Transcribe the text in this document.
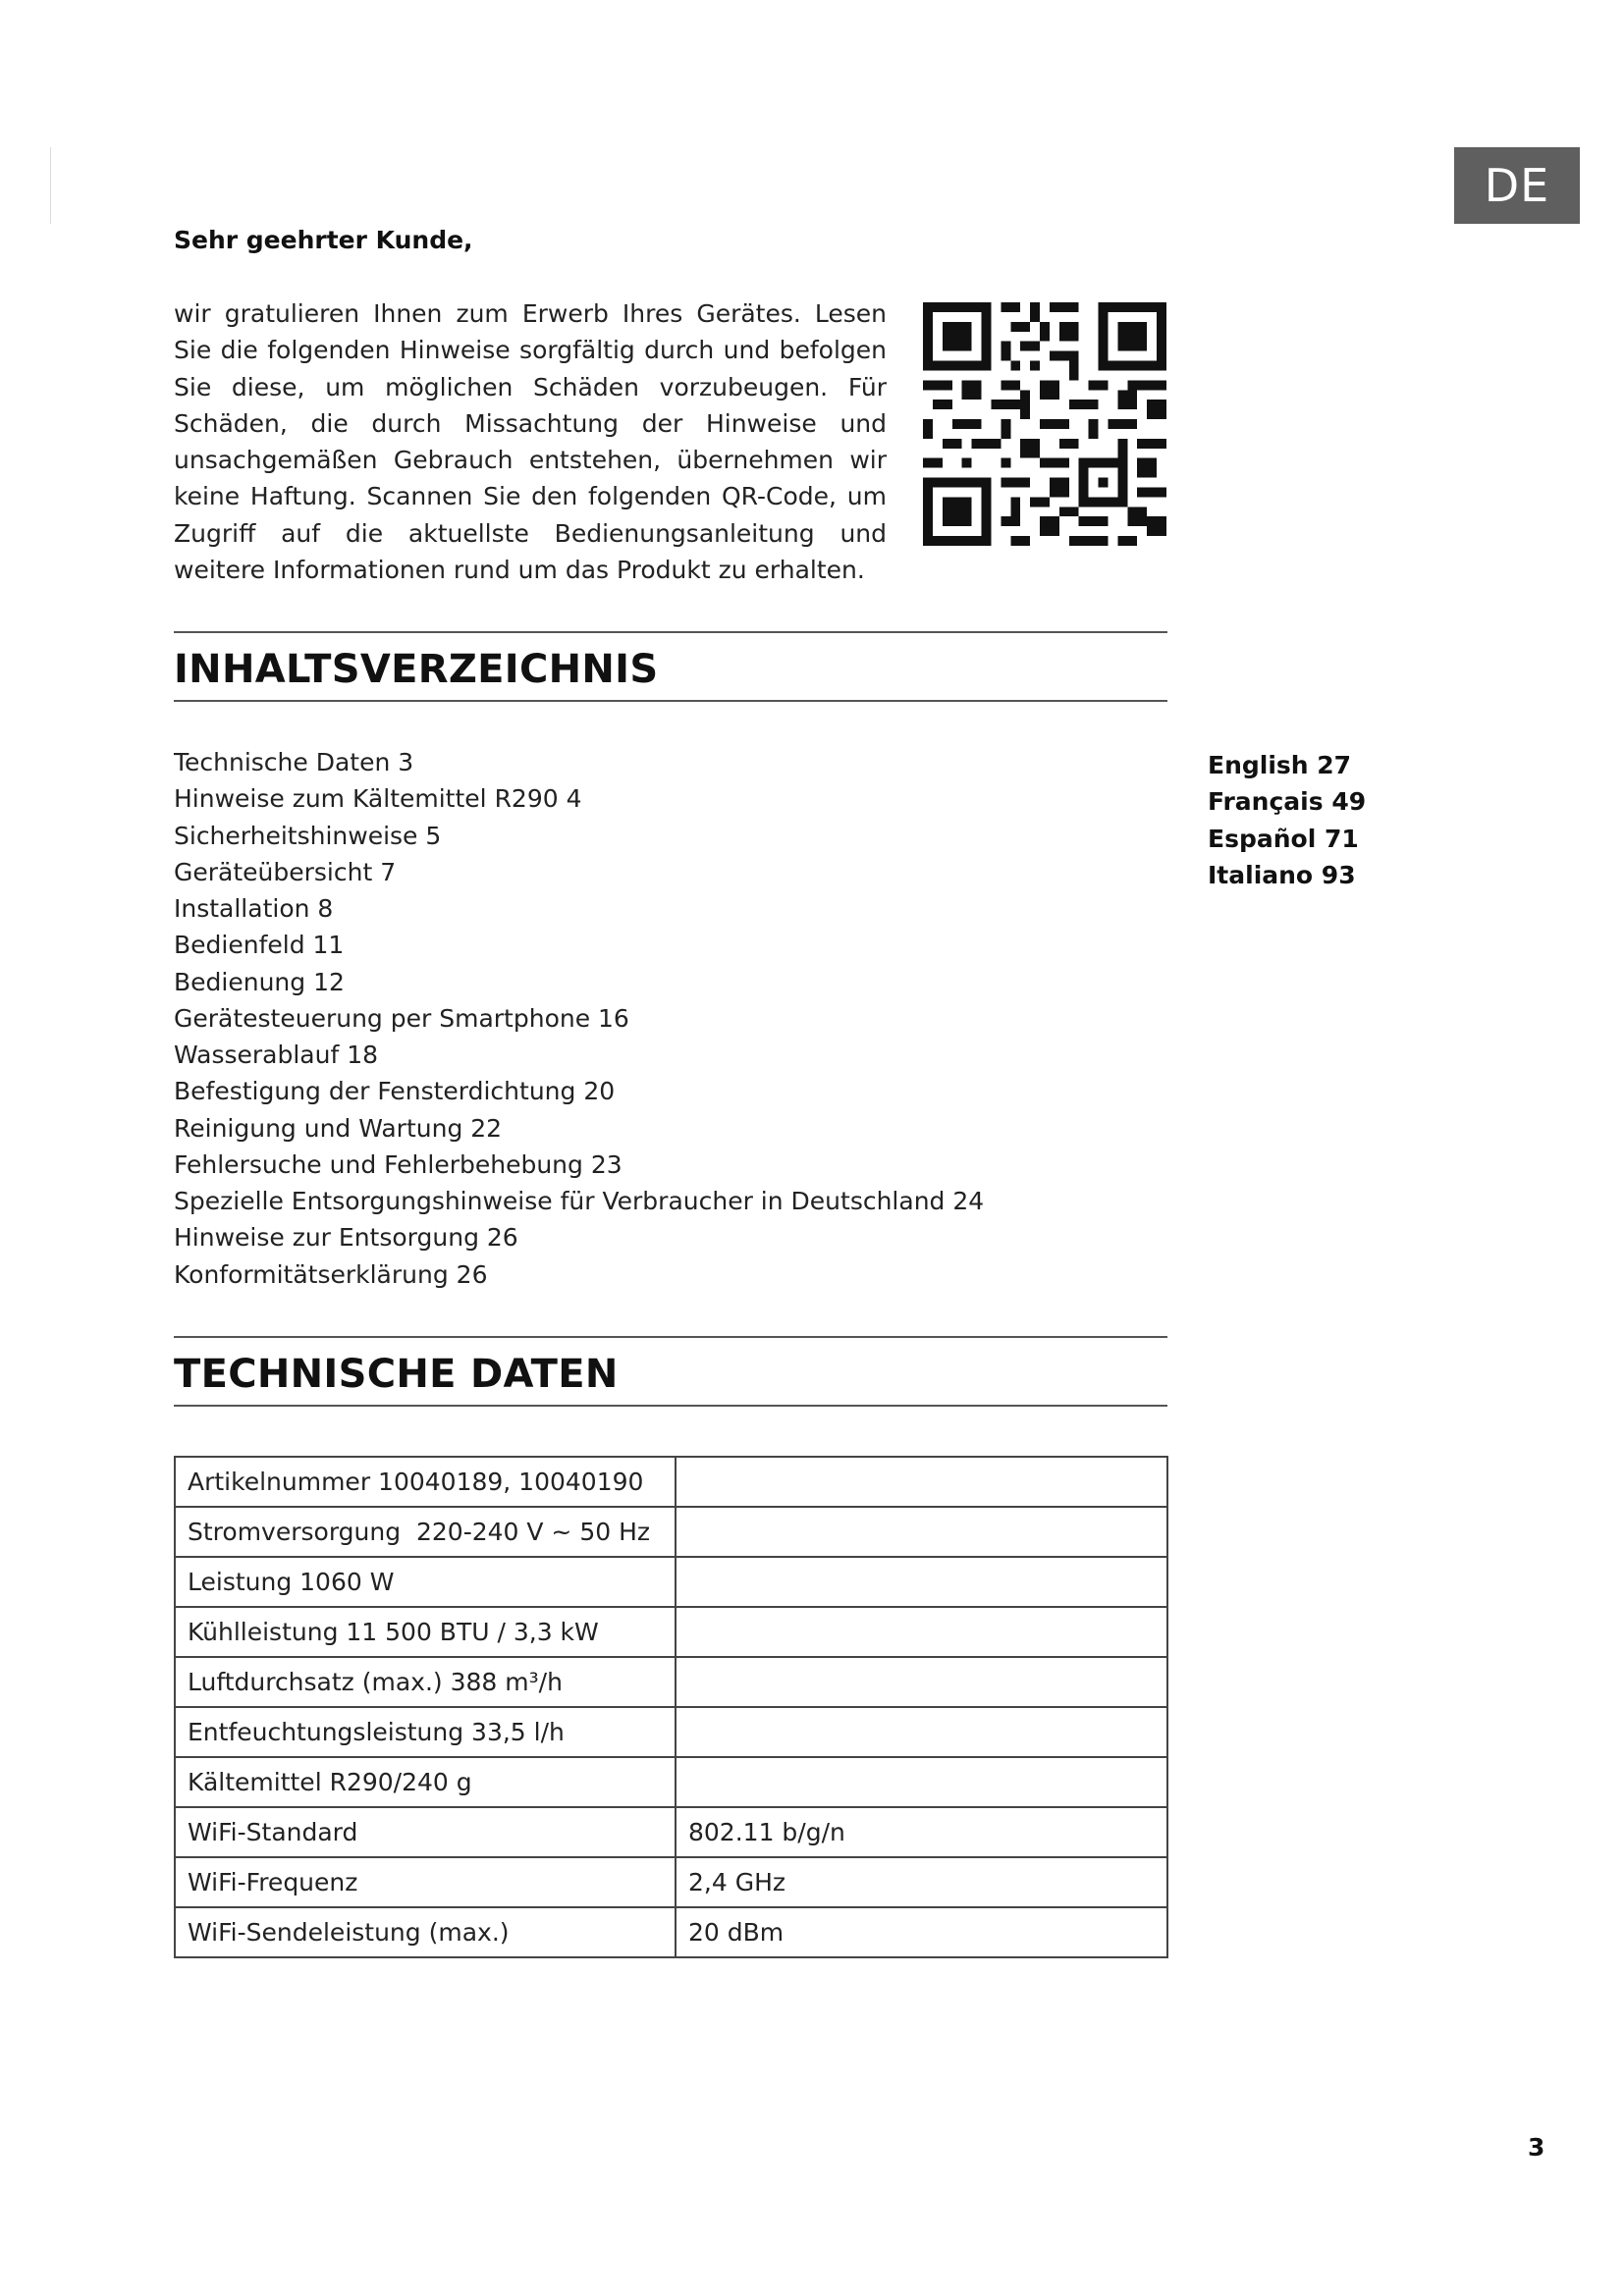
DE
Sehr geehrter Kunde,

wir gratulieren Ihnen zum Erwerb Ihres Gerätes. Lesen Sie die folgenden Hinweise sorgfältig durch und befolgen Sie diese, um möglichen Schäden vorzubeugen. Für Schäden, die durch Missachtung der Hinweise und unsachgemäßen Gebrauch entstehen, übernehmen wir keine Haftung. Scannen Sie den folgenden QR-Code, um Zugriff auf die aktuellste Bedienungsanleitung und weitere Informationen rund um das Produkt zu erhalten.

INHALTSVERZEICHNIS
Technische Daten 3
Hinweise zum Kältemittel R290 4
Sicherheitshinweise 5
Geräteübersicht 7
Installation 8
Bedienfeld 11
Bedienung 12
Gerätesteuerung per Smartphone 16
Wasserablauf 18
Befestigung der Fensterdichtung 20
Reinigung und Wartung 22
Fehlersuche und Fehlerbehebung 23
Spezielle Entsorgungshinweise für Verbraucher in Deutschland 24
Hinweise zur Entsorgung 26
Konformitätserklärung 26
English 27
Français 49
Español 71
Italiano 93
TECHNISCHE DATEN
Artikelnummer 10040189, 10040190	
Stromversorgung  220-240 V ~ 50 Hz	
Leistung 1060 W	
Kühlleistung 11 500 BTU / 3,3 kW	
Luftdurchsatz (max.) 388 m³/h	
Entfeuchtungsleistung 33,5 l/h	
Kältemittel R290/240 g	
WiFi-Standard	802.11 b/g/n
WiFi-Frequenz	2,4 GHz
WiFi-Sendeleistung (max.)	20 dBm
3
